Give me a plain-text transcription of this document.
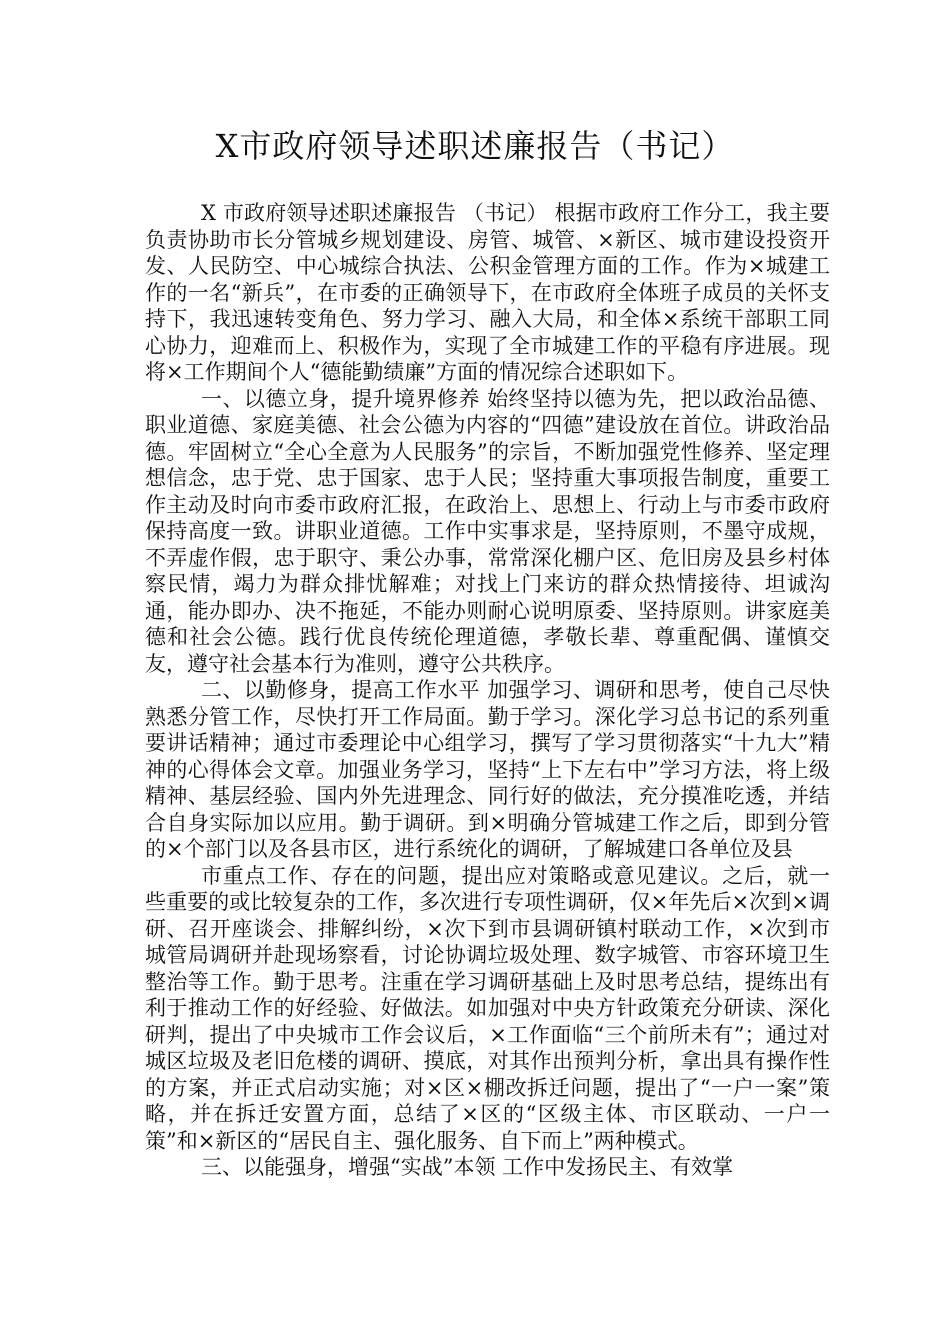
X市政府领导述职述廉报告（书记）

X 市政府领导述职述廉报告 （书记） 根据市政府工作分工，我主要负责协助市长分管城乡规划建设、房管、城管、×新区、城市建设投资开发、人民防空、中心城综合执法、公积金管理方面的工作。作为×城建工作的一名“新兵”，在市委的正确领导下，在市政府全体班子成员的关怀支持下，我迅速转变角色、努力学习、融入大局，和全体×系统干部职工同心协力，迎难而上、积极作为，实现了全市城建工作的平稳有序进展。现将×工作期间个人“德能勤绩廉”方面的情况综合述职如下。

一、以德立身，提升境界修养 始终坚持以德为先，把以政治品德、职业道德、家庭美德、社会公德为内容的“四德”建设放在首位。讲政治品德。牢固树立“全心全意为人民服务”的宗旨，不断加强党性修养、坚定理想信念，忠于党、忠于国家、忠于人民；坚持重大事项报告制度，重要工作主动及时向市委市政府汇报，在政治上、思想上、行动上与市委市政府保持高度一致。讲职业道德。工作中实事求是，坚持原则，不墨守成规，不弄虚作假，忠于职守、秉公办事，常常深化棚户区、危旧房及县乡村体察民情，竭力为群众排忧解难；对找上门来访的群众热情接待、坦诚沟通，能办即办、决不拖延，不能办则耐心说明原委、坚持原则。讲家庭美德和社会公德。践行优良传统伦理道德，孝敬长辈、尊重配偶、谨慎交友，遵守社会基本行为准则，遵守公共秩序。

二、以勤修身，提高工作水平 加强学习、调研和思考，使自己尽快熟悉分管工作，尽快打开工作局面。勤于学习。深化学习总书记的系列重要讲话精神；通过市委理论中心组学习，撰写了学习贯彻落实“十九大”精神的心得体会文章。加强业务学习，坚持“上下左右中”学习方法，将上级精神、基层经验、国内外先进理念、同行好的做法，充分摸准吃透，并结合自身实际加以应用。勤于调研。到×明确分管城建工作之后，即到分管的×个部门以及各县市区，进行系统化的调研，了解城建口各单位及县

市重点工作、存在的问题，提出应对策略或意见建议。之后，就一些重要的或比较复杂的工作，多次进行专项性调研，仅×年先后×次到×调研、召开座谈会、排解纠纷，×次下到市县调研镇村联动工作，×次到市城管局调研并赴现场察看，讨论协调垃圾处理、数字城管、市容环境卫生整治等工作。勤于思考。注重在学习调研基础上及时思考总结，提练出有利于推动工作的好经验、好做法。如加强对中央方针政策充分研读、深化研判，提出了中央城市工作会议后，×工作面临“三个前所未有”；通过对城区垃圾及老旧危楼的调研、摸底，对其作出预判分析，拿出具有操作性的方案，并正式启动实施；对×区×棚改拆迁问题，提出了“一户一案”策略，并在拆迁安置方面，总结了×区的“区级主体、市区联动、一户一策”和×新区的“居民自主、强化服务、自下而上”两种模式。

三、以能强身，增强“实战”本领 工作中发扬民主、有效掌
